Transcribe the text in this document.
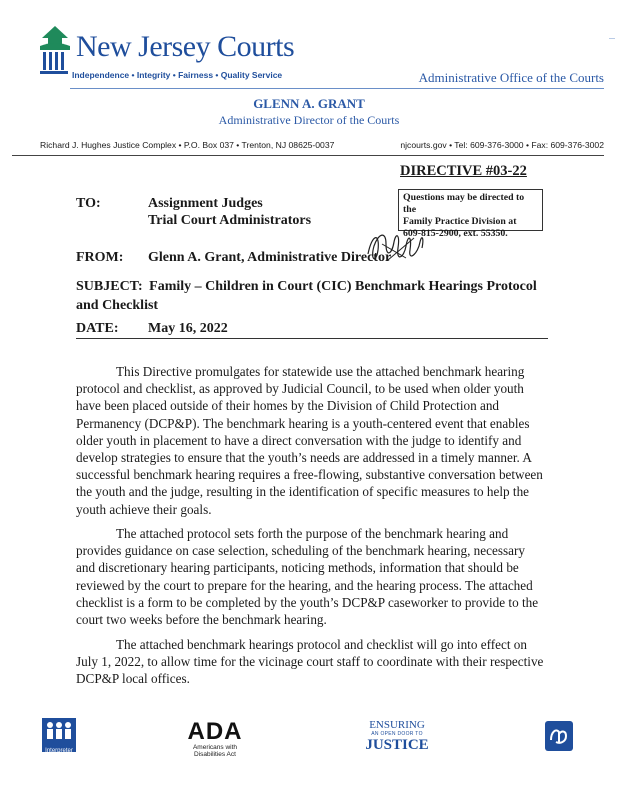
New Jersey Courts
Independence • Integrity • Fairness • Quality Service	Administrative Office of the Courts
GLENN A. GRANT
Administrative Director of the Courts
Richard J. Hughes Justice Complex • P.O. Box 037 • Trenton, NJ 08625-0037	njcourts.gov • Tel: 609-376-3000 • Fax: 609-376-3002
DIRECTIVE #03-22
Questions may be directed to the
Family Practice Division at
609-815-2900, ext. 55350.
TO:	Assignment Judges
Trial Court Administrators
FROM: Glenn A. Grant, Administrative Director
SUBJECT: Family – Children in Court (CIC) Benchmark Hearings Protocol and Checklist
DATE: May 16, 2022
This Directive promulgates for statewide use the attached benchmark hearing protocol and checklist, as approved by Judicial Council, to be used when older youth have been placed outside of their homes by the Division of Child Protection and Permanency (DCP&P). The benchmark hearing is a youth-centered event that enables older youth in placement to have a direct conversation with the judge to identify and develop strategies to ensure that the youth’s needs are addressed in a timely manner. A successful benchmark hearing requires a free-flowing, substantive conversation between the youth and the judge, resulting in the identification of specific measures to help the youth achieve their goals.
The attached protocol sets forth the purpose of the benchmark hearing and provides guidance on case selection, scheduling of the benchmark hearing, necessary and discretionary hearing participants, noticing methods, information that should be reviewed by the court to prepare for the hearing, and the hearing process. The attached checklist is a form to be completed by the youth’s DCP&P caseworker to provide to the court two weeks before the benchmark hearing.
The attached benchmark hearings protocol and checklist will go into effect on July 1, 2022, to allow time for the vicinage court staff to coordinate with their respective DCP&P local offices.
Interpreter
ADA
Americans with
Disabilities Act
ENSURING
AN OPEN DOOR TO
JUSTICE
